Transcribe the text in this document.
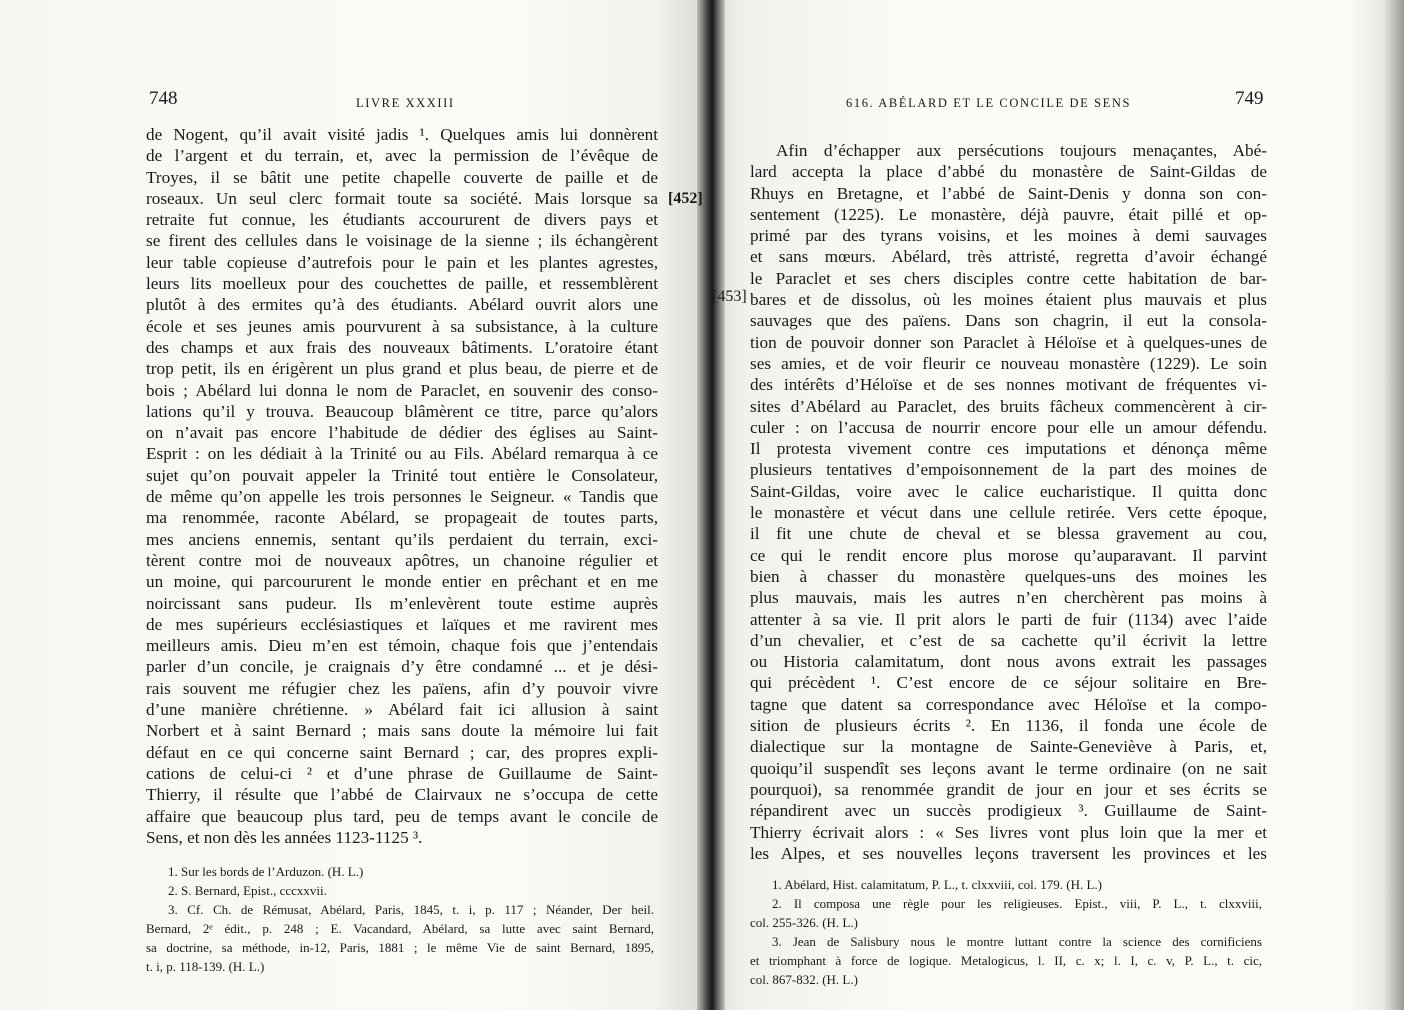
748	LIVRE XXXIII
de Nogent, qu’il avait visité jadis ¹. Quelques amis lui donnèrent
de l’argent et du terrain, et, avec la permission de l’évêque de
Troyes, il se bâtit une petite chapelle couverte de paille et de
roseaux. Un seul clerc formait toute sa société. Mais lorsque sa
retraite fut connue, les étudiants accoururent de divers pays et
se firent des cellules dans le voisinage de la sienne ; ils échangèrent
leur table copieuse d’autrefois pour le pain et les plantes agrestes,
leurs lits moelleux pour des couchettes de paille, et ressemblèrent
plutôt à des ermites qu’à des étudiants. Abélard ouvrit alors une
école et ses jeunes amis pourvurent à sa subsistance, à la culture
des champs et aux frais des nouveaux bâtiments. L’oratoire étant
trop petit, ils en érigèrent un plus grand et plus beau, de pierre et de
bois ; Abélard lui donna le nom de Paraclet, en souvenir des conso-
lations qu’il y trouva. Beaucoup blâmèrent ce titre, parce qu’alors
on n’avait pas encore l’habitude de dédier des églises au Saint-
Esprit : on les dédiait à la Trinité ou au Fils. Abélard remarqua à ce
sujet qu’on pouvait appeler la Trinité tout entière le Consolateur,
de même qu’on appelle les trois personnes le Seigneur. « Tandis que
ma renommée, raconte Abélard, se propageait de toutes parts,
mes anciens ennemis, sentant qu’ils perdaient du terrain, exci-
tèrent contre moi de nouveaux apôtres, un chanoine régulier et
un moine, qui parcoururent le monde entier en prêchant et en me
noircissant sans pudeur. Ils m’enlevèrent toute estime auprès
de mes supérieurs ecclésiastiques et laïques et me ravirent mes
meilleurs amis. Dieu m’en est témoin, chaque fois que j’entendais
parler d’un concile, je craignais d’y être condamné ... et je dési-
rais souvent me réfugier chez les païens, afin d’y pouvoir vivre
d’une manière chrétienne. » Abélard fait ici allusion à saint
Norbert et à saint Bernard ; mais sans doute la mémoire lui fait
défaut en ce qui concerne saint Bernard ; car, des propres expli-
cations de celui-ci ² et d’une phrase de Guillaume de Saint-
Thierry, il résulte que l’abbé de Clairvaux ne s’occupa de cette
affaire que beaucoup plus tard, peu de temps avant le concile de
Sens, et non dès les années 1123-1125 ³.
1. Sur les bords de l’Arduzon. (H. L.)
2. S. Bernard, Epist., cccxxvii.
3. Cf. Ch. de Rémusat, Abélard, Paris, 1845, t. i, p. 117 ; Néander, Der heil.
Bernard, 2ᵉ édit., p. 248 ; E. Vacandard, Abélard, sa lutte avec saint Bernard,
sa doctrine, sa méthode, in-12, Paris, 1881 ; le même Vie de saint Bernard, 1895,
t. i, p. 118-139. (H. L.)
616. ABÉLARD ET LE CONCILE DE SENS	749
Afin d’échapper aux persécutions toujours menaçantes, Abé-
lard accepta la place d’abbé du monastère de Saint-Gildas de
Rhuys en Bretagne, et l’abbé de Saint-Denis y donna son con-
sentement (1225). Le monastère, déjà pauvre, était pillé et op-
primé par des tyrans voisins, et les moines à demi sauvages
et sans mœurs. Abélard, très attristé, regretta d’avoir échangé
le Paraclet et ses chers disciples contre cette habitation de bar-
bares et de dissolus, où les moines étaient plus mauvais et plus
sauvages que des païens. Dans son chagrin, il eut la consola-
tion de pouvoir donner son Paraclet à Héloïse et à quelques-unes de
ses amies, et de voir fleurir ce nouveau monastère (1229). Le soin
des intérêts d’Héloïse et de ses nonnes motivant de fréquentes vi-
sites d’Abélard au Paraclet, des bruits fâcheux commencèrent à cir-
culer : on l’accusa de nourrir encore pour elle un amour défendu.
Il protesta vivement contre ces imputations et dénonça même
plusieurs tentatives d’empoisonnement de la part des moines de
Saint-Gildas, voire avec le calice eucharistique. Il quitta donc
le monastère et vécut dans une cellule retirée. Vers cette époque,
il fit une chute de cheval et se blessa gravement au cou,
ce qui le rendit encore plus morose qu’auparavant. Il parvint
bien à chasser du monastère quelques-uns des moines les
plus mauvais, mais les autres n’en cherchèrent pas moins à
attenter à sa vie. Il prit alors le parti de fuir (1134) avec l’aide
d’un chevalier, et c’est de sa cachette qu’il écrivit la lettre
ou Historia calamitatum, dont nous avons extrait les passages
qui précèdent ¹. C’est encore de ce séjour solitaire en Bre-
tagne que datent sa correspondance avec Héloïse et la compo-
sition de plusieurs écrits ². En 1136, il fonda une école de
dialectique sur la montagne de Sainte-Geneviève à Paris, et,
quoiqu’il suspendît ses leçons avant le terme ordinaire (on ne sait
pourquoi), sa renommée grandit de jour en jour et ses écrits se
répandirent avec un succès prodigieux ³. Guillaume de Saint-
Thierry écrivait alors : « Ses livres vont plus loin que la mer et
les Alpes, et ses nouvelles leçons traversent les provinces et les
1. Abélard, Hist. calamitatum, P. L., t. clxxviii, col. 179. (H. L.)
2. Il composa une règle pour les religieuses. Epist., viii, P. L., t. clxxviii,
col. 255-326. (H. L.)
3. Jean de Salisbury nous le montre luttant contre la science des cornificiens
et triomphant à force de logique. Metalogicus, l. II, c. x; l. I, c. v, P. L., t. cic,
col. 867-832. (H. L.)
[452]
[453]
